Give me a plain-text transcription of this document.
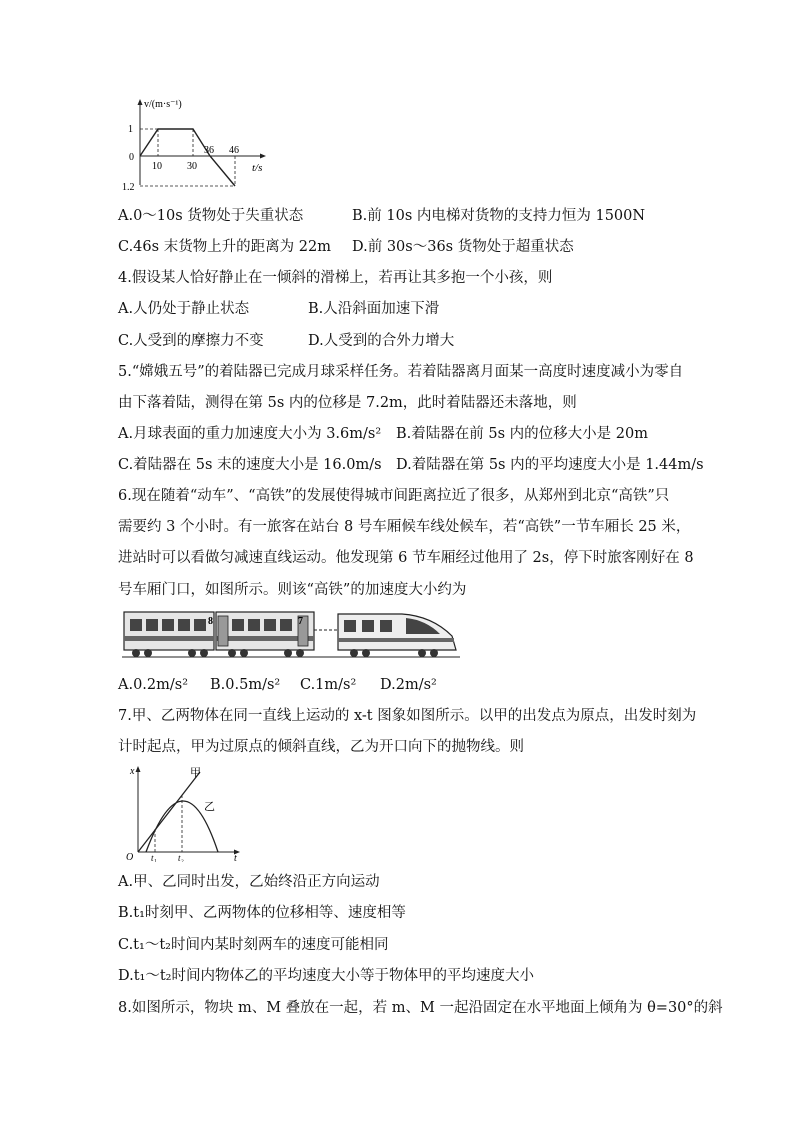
v/(m·s⁻¹)
t/s
1
0
1.2
10	30
36 46
A.0～10s 货物处于失重状态	B.前 10s 内电梯对货物的支持力恒为 1500N
C.46s 末货物上升的距离为 22m D.前 30s～36s 货物处于超重状态
4.假设某人恰好静止在一倾斜的滑梯上，若再让其多抱一个小孩，则
A.人仍处于静止状态	B.人沿斜面加速下滑
C.人受到的摩擦力不变	D.人受到的合外力增大
5.“嫦娥五号”的着陆器已完成月球采样任务。若着陆器离月面某一高度时速度减小为零自
由下落着陆，测得在第 5s 内的位移是 7.2m，此时着陆器还未落地，则
A.月球表面的重力加速度大小为 3.6m/s² B.着陆器在前 5s 内的位移大小是 20m
C.着陆器在 5s 末的速度大小是 16.0m/s D.着陆器在第 5s 内的平均速度大小是 1.44m/s
6.现在随着“动车”、“高铁”的发展使得城市间距离拉近了很多，从郑州到北京“高铁”只
需要约 3 个小时。有一旅客在站台 8 号车厢候车线处候车，若“高铁”一节车厢长 25 米，
进站时可以看做匀减速直线运动。他发现第 6 节车厢经过他用了 2s，停下时旅客刚好在 8
号车厢门口，如图所示。则该“高铁”的加速度大小约为
8	7
A.0.2m/s² B.0.5m/s² C.1m/s² D.2m/s²
7.甲、乙两物体在同一直线上运动的 x-t 图象如图所示。以甲的出发点为原点，出发时刻为
计时起点，甲为过原点的倾斜直线，乙为开口向下的抛物线。则
x
t
O t₁ t₂
甲
乙
A.甲、乙同时出发，乙始终沿正方向运动
B.t₁时刻甲、乙两物体的位移相等、速度相等
C.t₁～t₂时间内某时刻两车的速度可能相同
D.t₁～t₂时间内物体乙的平均速度大小等于物体甲的平均速度大小
8.如图所示，物块 m、M 叠放在一起，若 m、M 一起沿固定在水平地面上倾角为 θ=30°的斜
